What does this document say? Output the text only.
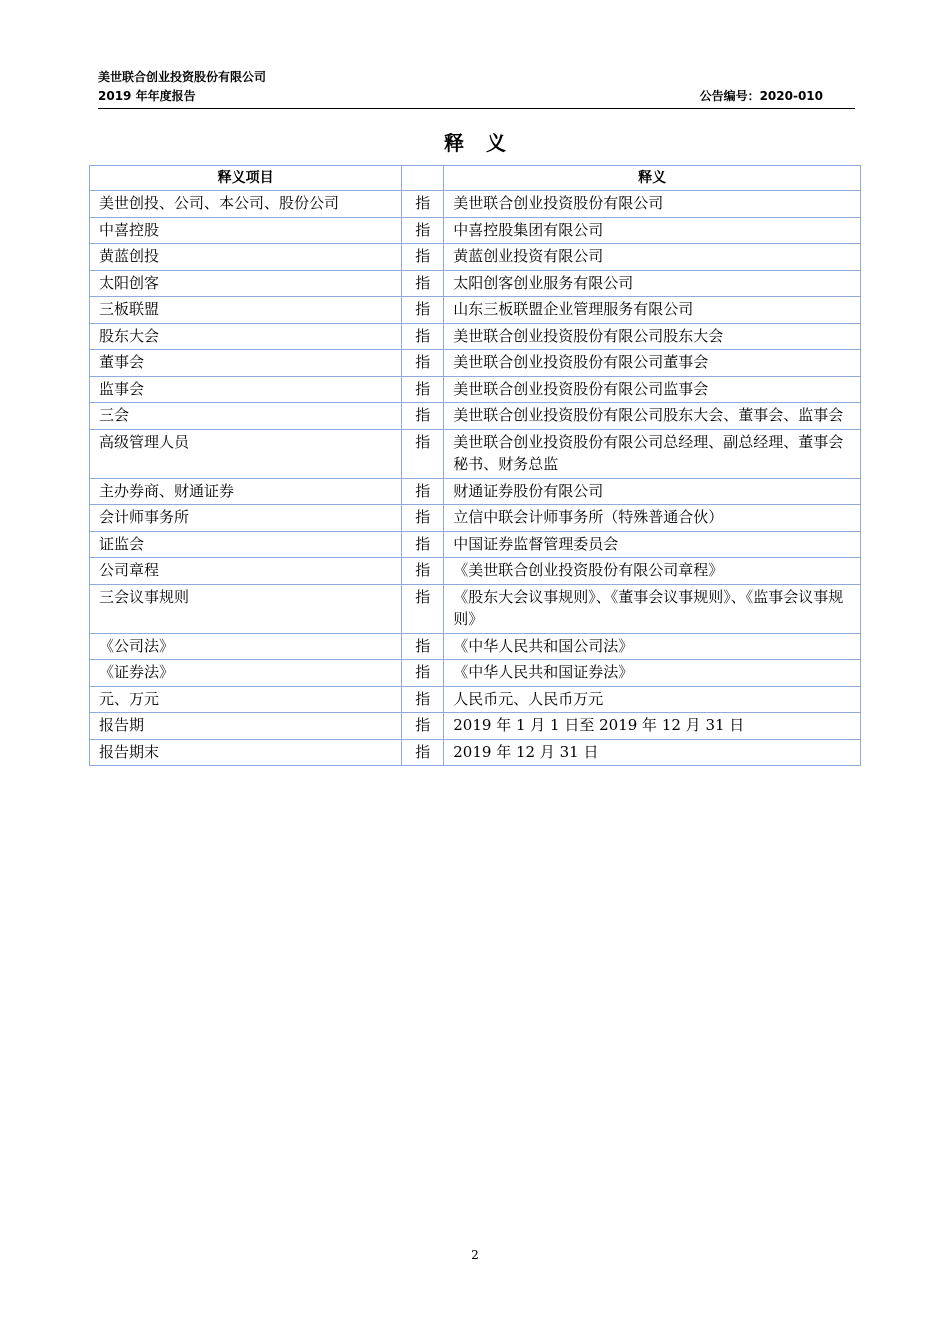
美世联合创业投资股份有限公司
2019 年年度报告	公告编号：2020-010
释义
释义项目		释义
美世创投、公司、本公司、股份公司	指	美世联合创业投资股份有限公司
中喜控股	指	中喜控股集团有限公司
黄蓝创投	指	黄蓝创业投资有限公司
太阳创客	指	太阳创客创业服务有限公司
三板联盟	指	山东三板联盟企业管理服务有限公司
股东大会	指	美世联合创业投资股份有限公司股东大会
董事会	指	美世联合创业投资股份有限公司董事会
监事会	指	美世联合创业投资股份有限公司监事会
三会	指	美世联合创业投资股份有限公司股东大会、董事会、监事会
高级管理人员	指	美世联合创业投资股份有限公司总经理、副总经理、董事会秘书、财务总监
主办券商、财通证券	指	财通证券股份有限公司
会计师事务所	指	立信中联会计师事务所（特殊普通合伙）
证监会	指	中国证券监督管理委员会
公司章程	指	《美世联合创业投资股份有限公司章程》
三会议事规则	指	《股东大会议事规则》、《董事会议事规则》、《监事会议事规则》
《公司法》	指	《中华人民共和国公司法》
《证券法》	指	《中华人民共和国证券法》
元、万元	指	人民币元、人民币万元
报告期	指	2019 年 1 月 1 日至 2019 年 12 月 31 日
报告期末	指	2019 年 12 月 31 日
2
